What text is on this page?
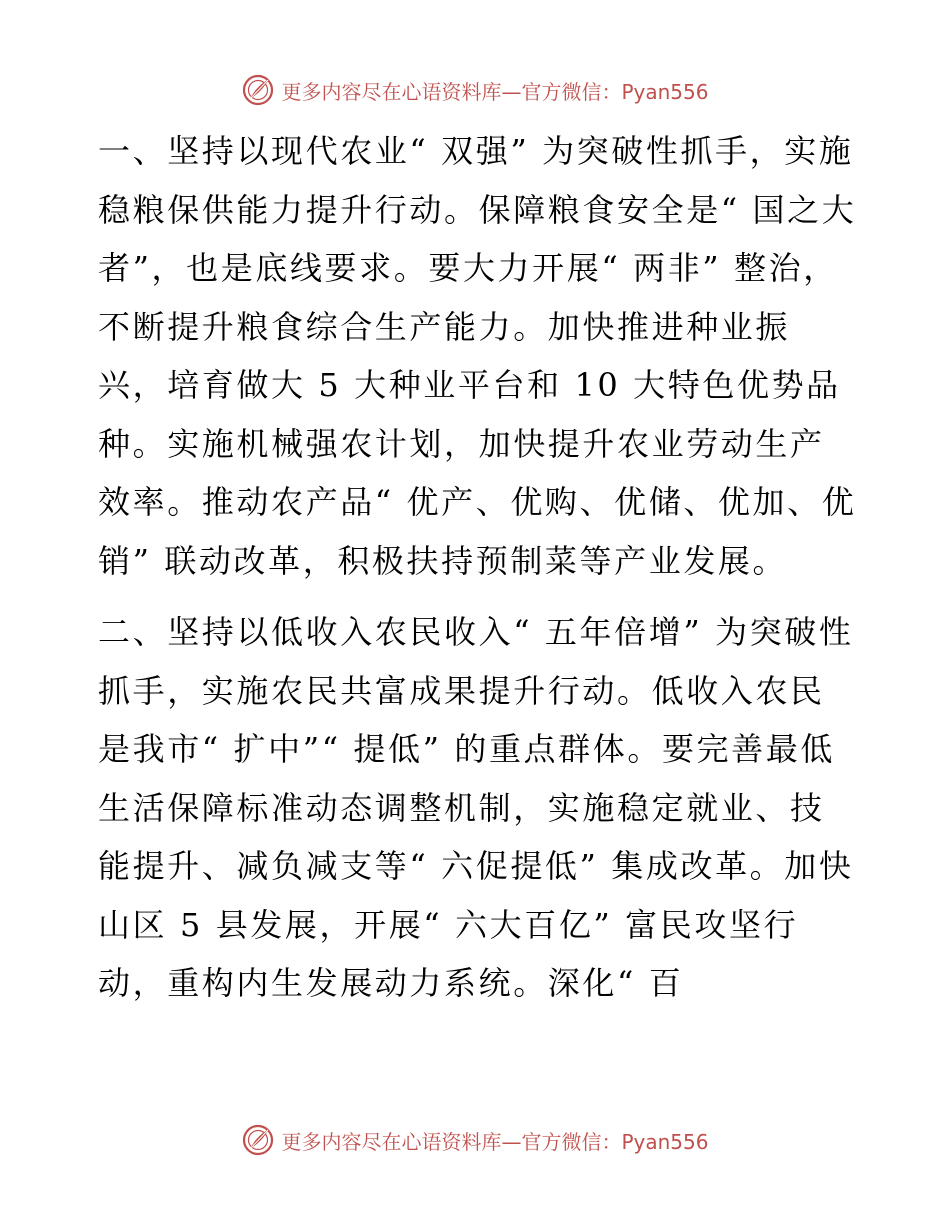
更多内容尽在心语资料库—官方微信：Pyan556

一、坚持以现代农业“ 双强” 为突破性抓手，实施稳粮保供能力提升行动。保障粮食安全是“ 国之大者”，也是底线要求。要大力开展“ 两非” 整治，不断提升粮食综合生产能力。加快推进种业振兴，培育做大 5 大种业平台和 10 大特色优势品种。实施机械强农计划，加快提升农业劳动生产效率。推动农产品“ 优产、优购、优储、优加、优销” 联动改革，积极扶持预制菜等产业发展。

二、坚持以低收入农民收入“ 五年倍增” 为突破性抓手，实施农民共富成果提升行动。低收入农民是我市“ 扩中”“ 提低” 的重点群体。要完善最低生活保障标准动态调整机制，实施稳定就业、技能提升、减负减支等“ 六促提低” 集成改革。加快山区 5 县发展，开展“ 六大百亿” 富民攻坚行动，重构内生发展动力系统。深化“ 百

更多内容尽在心语资料库—官方微信：Pyan556
